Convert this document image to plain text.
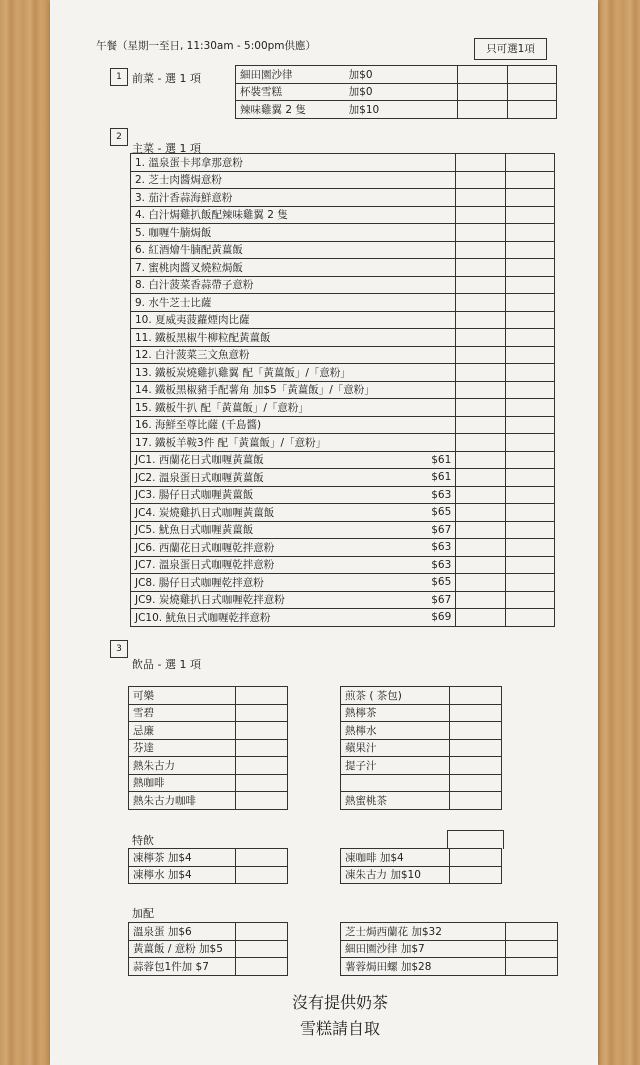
午餐（星期一至日, 11:30am - 5:00pm供應）	只可選1項
1 前菜 - 選 1 項	細田園沙律	加$0		
杯裝雪糕	加$0		
辣味雞翼 2 隻	加$10		
2
主菜 - 選 1 項
1. 溫泉蛋卡邦拿那意粉			
2. 芝士肉醬焗意粉			
3. 茄汁香蒜海鮮意粉			
4. 白汁焗雞扒飯配辣味雞翼 2 隻			
5. 咖喱牛腩焗飯			
6. 紅酒燴牛腩配黃薑飯			
7. 蜜桃肉醬叉燒粒焗飯			
8. 白汁菠菜香蒜帶子意粉			
9. 水牛芝士比薩			
10. 夏威夷菠蘿煙肉比薩			
11. 鐵板黑椒牛柳粒配黃薑飯			
12. 白汁菠菜三文魚意粉			
13. 鐵板炭燒雞扒雞翼 配「黃薑飯」/「意粉」			
14. 鐵板黑椒豬手配薯角 加$5「黃薑飯」/「意粉」			
15. 鐵板牛扒 配「黃薑飯」/「意粉」			
16. 海鮮至尊比薩 (千島醬)			
17. 鐵板羊鞍3件 配「黃薑飯」/「意粉」			
JC1. 西蘭花日式咖喱黃薑飯	$61		
JC2. 溫泉蛋日式咖喱黃薑飯	$61		
JC3. 腸仔日式咖喱黃薑飯	$63		
JC4. 炭燒雞扒日式咖喱黃薑飯	$65		
JC5. 魷魚日式咖喱黃薑飯	$67		
JC6. 西蘭花日式咖喱乾拌意粉	$63		
JC7. 溫泉蛋日式咖喱乾拌意粉	$63		
JC8. 腸仔日式咖喱乾拌意粉	$65		
JC9. 炭燒雞扒日式咖喱乾拌意粉	$67		
JC10. 魷魚日式咖喱乾拌意粉	$69		
3
飲品 - 選 1 項
可樂	
雪碧	
忌廉	
芬達	
熱朱古力	
熱咖啡	
熱朱古力咖啡	
煎茶 ( 茶包)	
熱檸茶	
熱檸水	
蘋果汁	
提子汁	

熱蜜桃茶	
特飲
凍檸茶 加$4	
凍檸水 加$4	
凍咖啡 加$4	
凍朱古力 加$10	
加配
溫泉蛋 加$6	
黃薑飯 / 意粉 加$5	
蒜蓉包1件加 $7	
芝士焗西蘭花 加$32	
細田園沙律 加$7	
薯蓉焗田螺 加$28	
沒有提供奶茶
雪糕請自取
